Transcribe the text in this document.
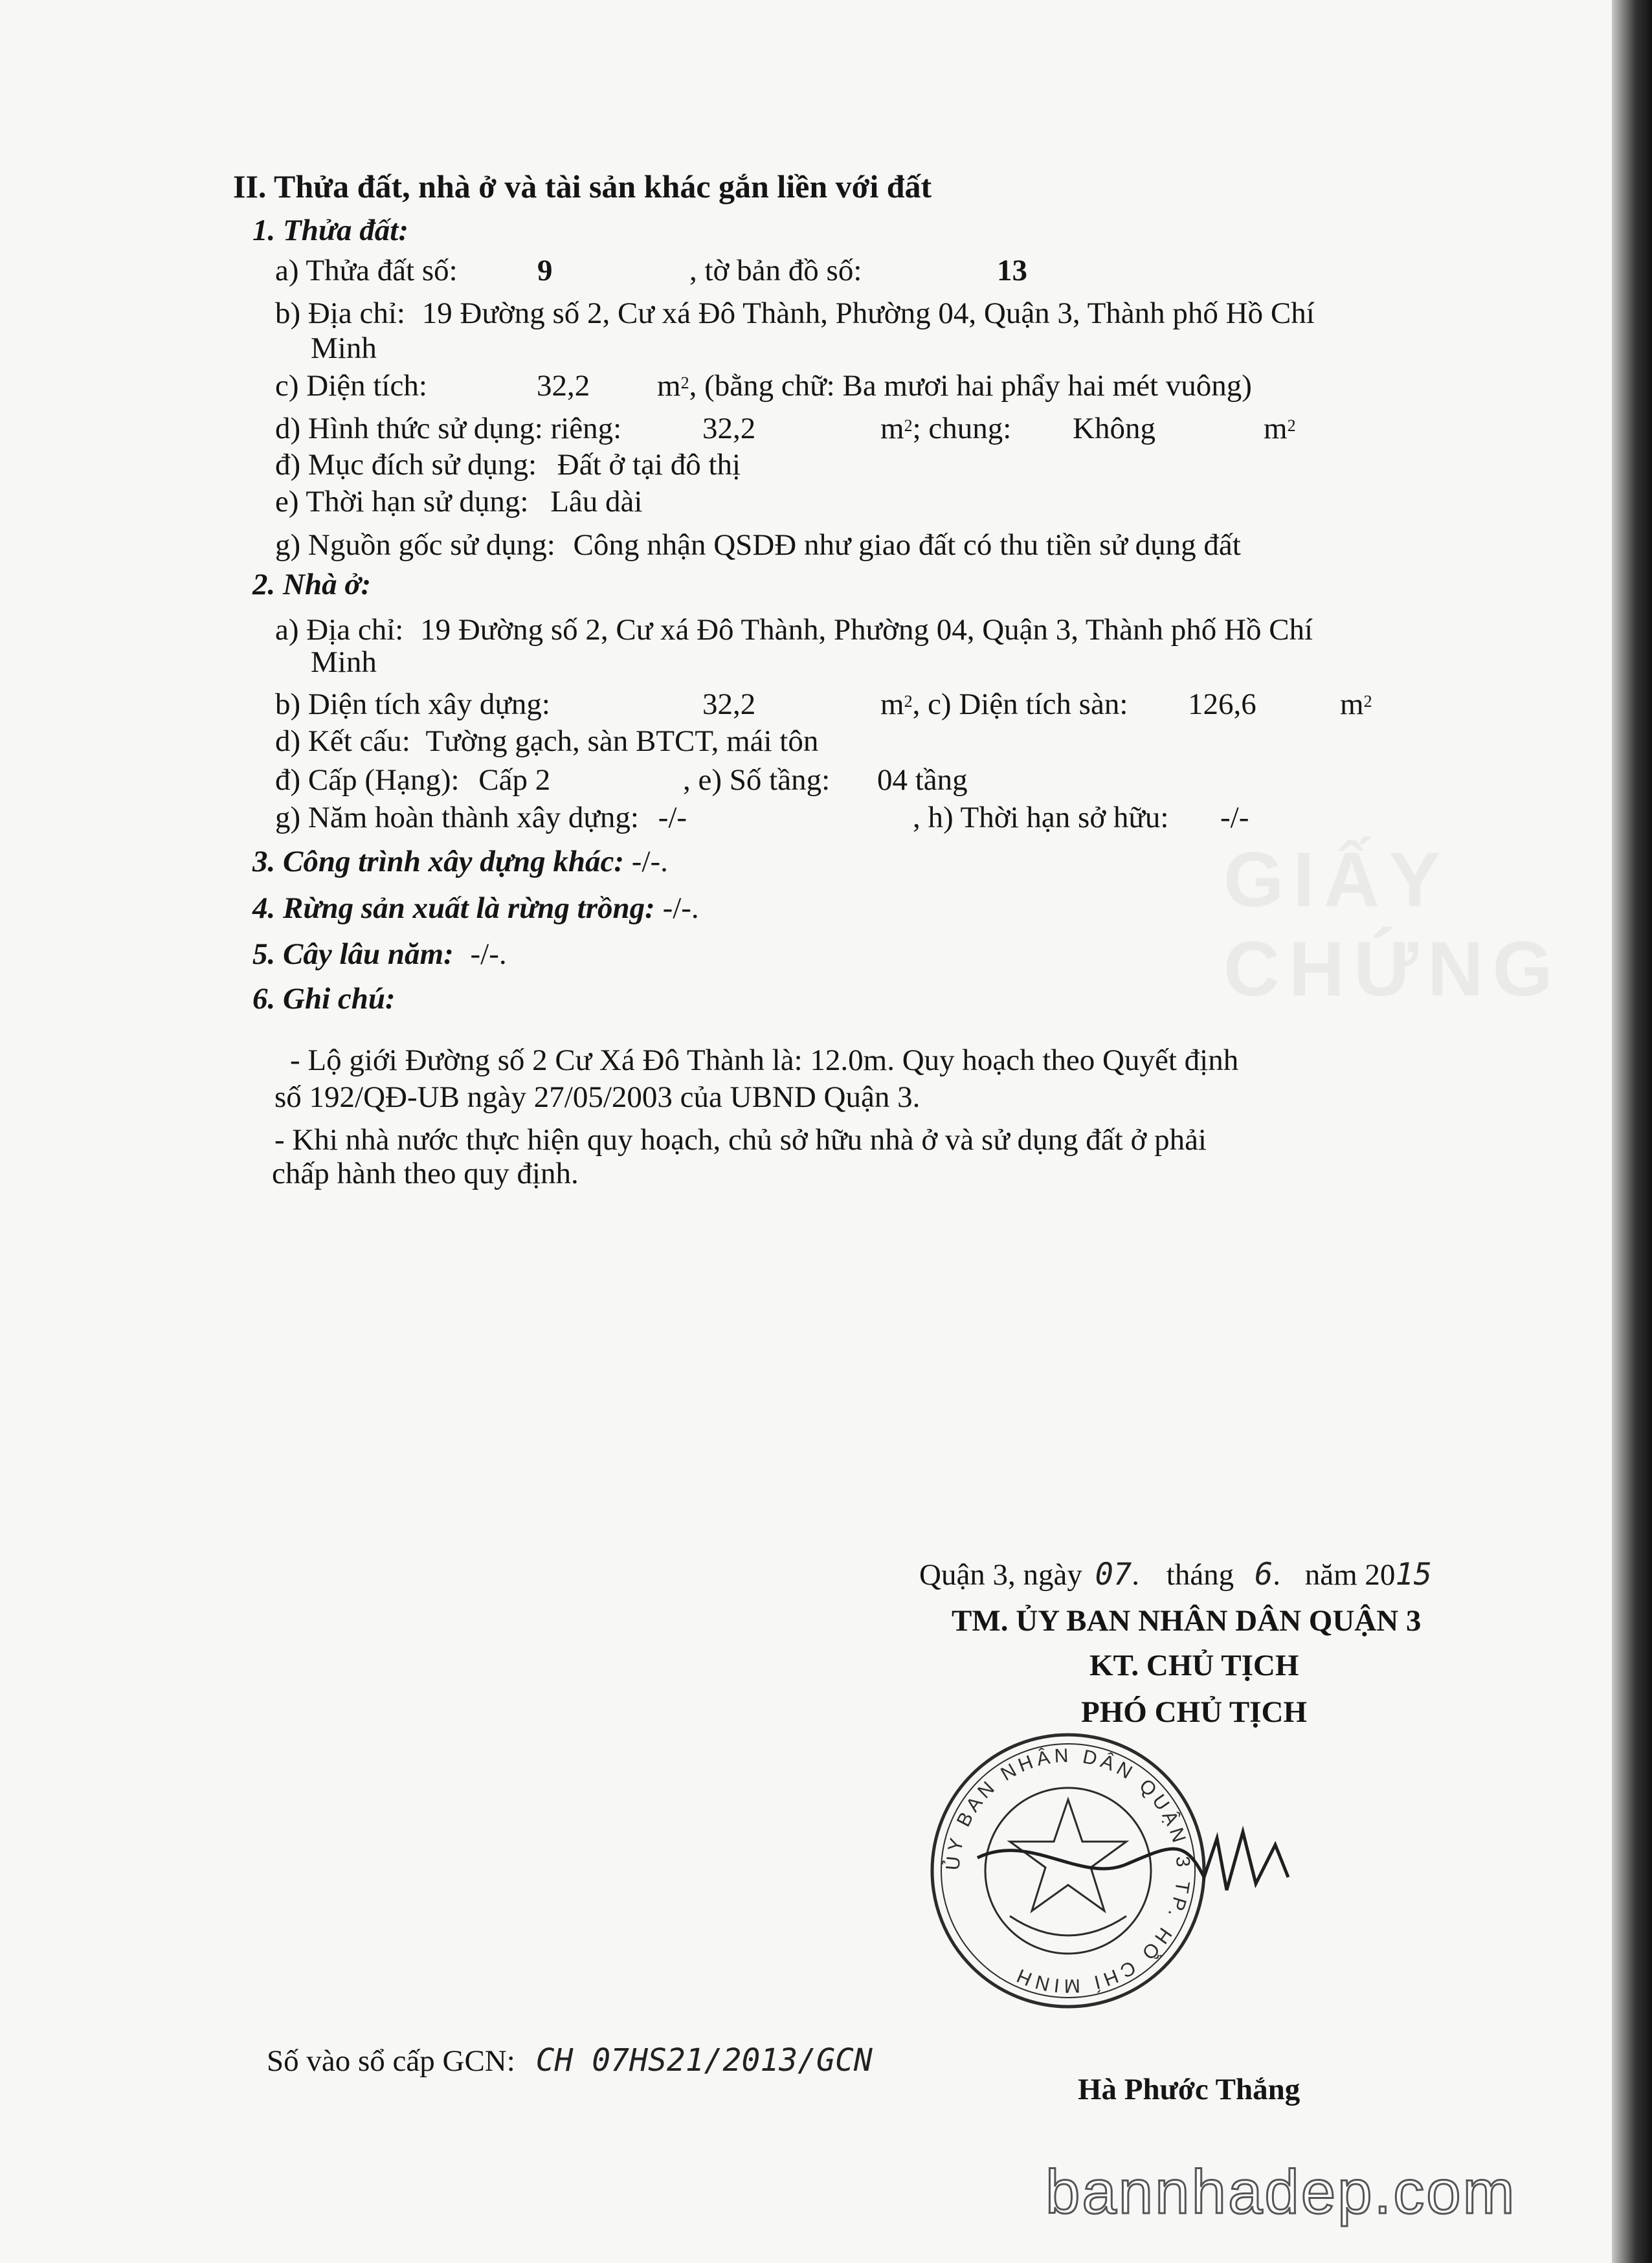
GIẤY CHỨNG
II. Thửa đất, nhà ở và tài sản khác gắn liền với đất
1. Thửa đất:
a) Thửa đất số:	9	, tờ bản đồ số:	13
b) Địa chỉ: 19 Đường số 2, Cư xá Đô Thành, Phường 04, Quận 3, Thành phố Hồ Chí
Minh
c) Diện tích:	32,2 $m^2$, (bằng chữ: Ba mươi hai phẩy hai mét vuông)
d) Hình thức sử dụng: riêng:	32,2	$m^2$; chung: Không	$m^2$
đ) Mục đích sử dụng: Đất ở tại đô thị
e) Thời hạn sử dụng: Lâu dài
g) Nguồn gốc sử dụng: Công nhận QSDĐ như giao đất có thu tiền sử dụng đất
2. Nhà ở:
a) Địa chỉ: 19 Đường số 2, Cư xá Đô Thành, Phường 04, Quận 3, Thành phố Hồ Chí
Minh
b) Diện tích xây dựng:	32,2	$m^2$, c) Diện tích sàn: 126,6	$m^2$
d) Kết cấu: Tường gạch, sàn BTCT, mái tôn
đ) Cấp (Hạng): Cấp 2	, e) Số tầng: 04 tầng
g) Năm hoàn thành xây dựng: -/-	, h) Thời hạn sở hữu: -/-
3. Công trình xây dựng khác: -/-.
4. Rừng sản xuất là rừng trồng: -/-.
5. Cây lâu năm: -/-.
6. Ghi chú:
- Lộ giới Đường số 2 Cư Xá Đô Thành là: 12.0m. Quy hoạch theo Quyết định
số 192/QĐ-UB ngày 27/05/2003 của UBND Quận 3.
- Khi nhà nước thực hiện quy hoạch, chủ sở hữu nhà ở và sử dụng đất ở phải
chấp hành theo quy định.
Quận 3, ngày 07. tháng 6. năm 2015
TM. ỦY BAN NHÂN DÂN QUẬN 3
KT. CHỦ TỊCH
PHÓ CHỦ TỊCH
ỦY BAN NHÂN DÂN QUẬN 3 TP. HỒ CHÍ MINH
Số vào sổ cấp GCN: CH 07HS21/2013/GCN
Hà Phước Thắng
bannhadep.com
